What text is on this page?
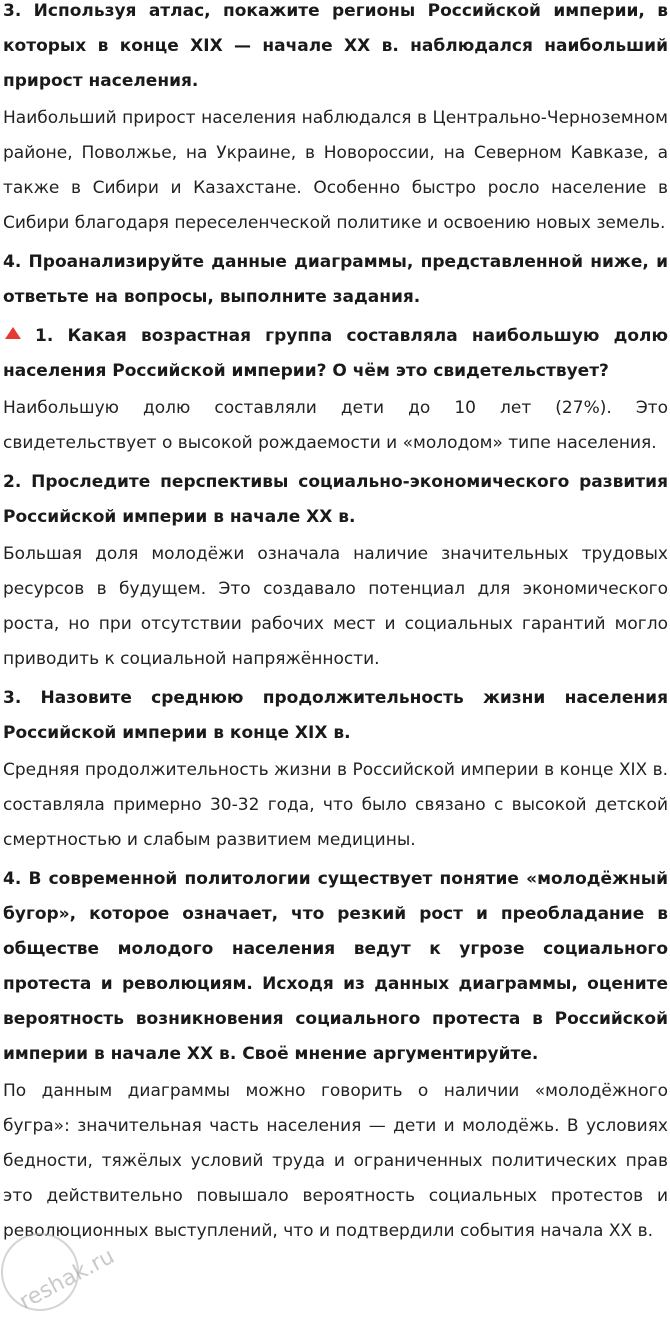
3. Используя атлас, покажите регионы Российской империи, в которых в конце XIX — начале XX в. наблюдался наибольший прирост населения.

Наибольший прирост населения наблюдался в Центрально-Черноземном районе, Поволжье, на Украине, в Новороссии, на Северном Кавказе, а также в Сибири и Казахстане. Особенно быстро росло население в Сибири благодаря переселенческой политике и освоению новых земель.

4. Проанализируйте данные диаграммы, представленной ниже, и ответьте на вопросы, выполните задания.

1. Какая возрастная группа составляла наибольшую долю населения Российской империи? О чём это свидетельствует?

Наибольшую долю составляли дети до 10 лет (27%). Это свидетельствует о высокой рождаемости и «молодом» типе населения.

2. Проследите перспективы социально-экономического развития Российской империи в начале XX в.

Большая доля молодёжи означала наличие значительных трудовых ресурсов в будущем. Это создавало потенциал для экономического роста, но при отсутствии рабочих мест и социальных гарантий могло приводить к социальной напряжённости.

3. Назовите среднюю продолжительность жизни населения Российской империи в конце XIX в.

Средняя продолжительность жизни в Российской империи в конце XIX в. составляла примерно 30-32 года, что было связано с высокой детской смертностью и слабым развитием медицины.

4. В современной политологии существует понятие «молодёжный бугор», которое означает, что резкий рост и преобладание в обществе молодого населения ведут к угрозе социального протеста и революциям. Исходя из данных диаграммы, оцените вероятность возникновения социального протеста в Российской империи в начале XX в. Своё мнение аргументируйте.

По данным диаграммы можно говорить о наличии «молодёжного бугра»: значительная часть населения — дети и молодёжь. В условиях бедности, тяжёлых условий труда и ограниченных политических прав это действительно повышало вероятность социальных протестов и революционных выступлений, что и подтвердили события начала XX в.

reshak.ru
